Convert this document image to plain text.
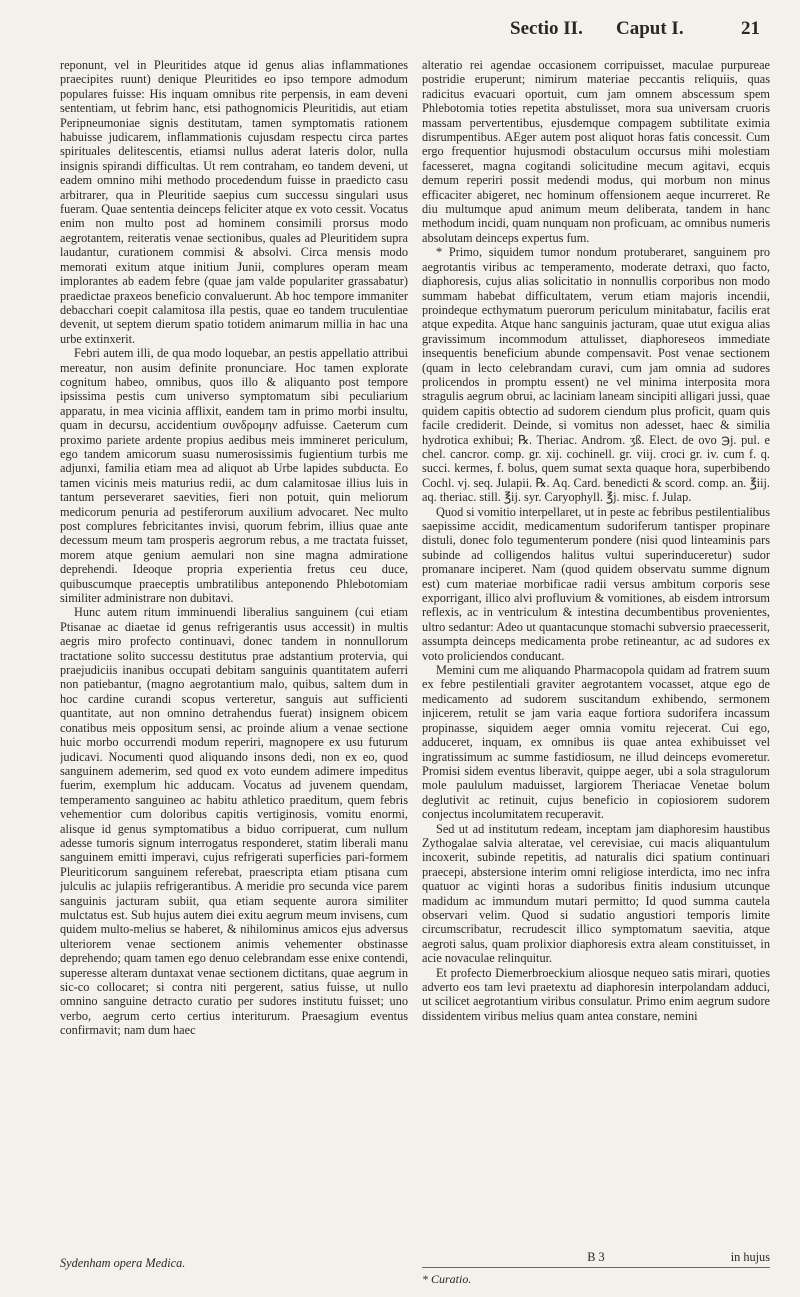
Sectio II. Caput I.	21

reponunt, vel in Pleuritides atque id genus alias inflammationes praecipites ruunt) denique Pleuritides eo ipso tempore admodum populares fuisse: His inquam omnibus rite perpensis, in eam deveni sententiam, ut febrim hanc, etsi pathognomicis Pleuritidis, aut etiam Peripneumoniae signis destitutam, tamen symptomatis rationem habuisse judicarem, inflammationis cujusdam respectu circa partes spirituales delitescentis, etiamsi nullus aderat lateris dolor, nulla insignis spirandi difficultas. Ut rem contraham, eo tandem deveni, ut eadem omnino mihi methodo procedendum fuisse in praedicto casu arbitrarer, qua in Pleuritide saepius cum successu singulari usus fueram. Quae sententia deinceps feliciter atque ex voto cessit. Vocatus enim non multo post ad hominem consimili prorsus modo aegrotantem, reiteratis venae sectionibus, quales ad Pleuritidem supra laudantur, curationem commisi & absolvi. Circa mensis modo memorati exitum atque initium Junii, complures operam meam implorantes ab eadem febre (quae jam valde populariter grassabatur) praedictae praxeos beneficio convaluerunt. Ab hoc tempore immaniter debacchari coepit calamitosa illa pestis, quae eo tandem truculentiae devenit, ut septem dierum spatio totidem animarum millia in hac una urbe extinxerit.

Febri autem illi, de qua modo loquebar, an pestis appellatio attribui mereatur, non ausim definite pronunciare. Hoc tamen explorate cognitum habeo, omnibus, quos illo & aliquanto post tempore ipsissima pestis cum universo symptomatum sibi peculiarium apparatu, in mea vicinia afflixit, eandem tam in primo morbi insultu, quam in decursu, accidentium συνδρομην adfuisse. Caeterum cum proximo pariete ardente propius aedibus meis immineret periculum, ego tandem amicorum suasu numerosissimis fugientium turbis me adjunxi, familia etiam mea ad aliquot ab Urbe lapides subducta. Eo tamen vicinis meis maturius redii, ac dum calamitosae illius luis in tantum perseveraret saevities, fieri non potuit, quin meliorum medicorum penuria ad pestiferorum auxilium advocaret. Nec multo post complures febricitantes invisi, quorum febrim, illius quae ante decessum meum tam prosperis aegrorum rebus, a me tractata fuisset, morem atque genium aemulari non sine magna admiratione deprehendi. Ideoque propria experientia fretus ceu duce, quibuscumque praeceptis umbratilibus anteponendo Phlebotomiam similiter administrare non dubitavi.

Hunc autem ritum imminuendi liberalius sanguinem (cui etiam Ptisanae ac diaetae id genus refrigerantis usus accessit) in multis aegris miro profecto continuavi, donec tandem in nonnullorum tractatione solito successu destitutus prae adstantium protervia, qui praejudiciis inanibus occupati debitam sanguinis quantitatem auferri non patiebantur, (magno aegrotantium malo, quibus, saltem dum in hoc cardine curandi scopus verteretur, sanguis aut sufficienti quantitate, aut non omnino detrahendus fuerat) insignem obicem conatibus meis oppositum sensi, ac proinde alium a venae sectione huic morbo occurrendi modum reperiri, magnopere ex usu futurum judicavi. Nocumenti quod aliquando insons dedi, non ex eo, quod sanguinem ademerim, sed quod ex voto eundem adimere impeditus fuerim, exemplum hic adducam. Vocatus ad juvenem quendam, temperamento sanguineo ac habitu athletico praeditum, quem febris vehementior cum doloribus capitis vertiginosis, vomitu enormi, alisque id genus symptomatibus a biduo corripuerat, cum nullum adesse tumoris signum interrogatus responderet, statim liberali manu sanguinem emitti imperavi, cujus refrigerati superficies pari-formem Pleuriticorum sanguinem referebat, praescripta etiam ptisana cum julculis ac julapiis refrigerantibus. A meridie pro secunda vice parem sanguinis jacturam subiit, qua etiam sequente aurora similiter mulctatus est. Sub hujus autem diei exitu aegrum meum invisens, cum quidem multo-melius se haberet, & nihilominus amicos ejus adversus ulteriorem venae sectionem animis vehementer obstinasse deprehendo; quam tamen ego denuo celebrandam esse enixe contendi, superesse alteram duntaxat venae sectionem dictitans, quae aegrum in sic-co collocaret; si contra niti pergerent, satius fuisse, ut nullo omnino sanguine detracto curatio per sudores institutu fuisset; uno verbo, aegrum certo certius interiturum. Praesagium eventus confirmavit; nam dum haec

Sydenham opera Medica.

alteratio rei agendae occasionem corripuisset, maculae purpureae postridie eruperunt; nimirum materiae peccantis reliquiis, quas radicitus evacuari oportuit, cum jam omnem abscessum spem Phlebotomia toties repetita abstulisset, mora sua universam cruoris massam pervertentibus, ejusdemque compagem subtilitate eximia disrumpentibus. AEger autem post aliquot horas fatis concessit. Cum ergo frequentior hujusmodi obstaculum occursus mihi molestiam facesseret, magna cogitandi solicitudine mecum agitavi, ecquis demum reperiri possit medendi modus, qui morbum non minus efficaciter abigeret, nec hominum offensionem aeque incurreret. Re diu multumque apud animum meum deliberata, tandem in hanc methodum incidi, quam nunquam non proficuam, ac omnibus numeris absolutam deinceps expertus fum.

* Primo, siquidem tumor nondum protuberaret, sanguinem pro aegrotantis viribus ac temperamento, moderate detraxi, quo facto, diaphoresis, cujus alias solicitatio in nonnullis corporibus non modo summam habebat difficultatem, verum etiam majoris incendii, proindeque ecthymatum puerorum periculum minitabatur, facilis erat atque expedita. Atque hanc sanguinis jacturam, quae utut exigua alias gravissimum incommodum attulisset, diaphoreseos immediate insequentis beneficium abunde compensavit. Post venae sectionem (quam in lecto celebrandam curavi, cum jam omnia ad sudores prolicendos in promptu essent) ne vel minima interposita mora stragulis aegrum obrui, ac laciniam laneam sincipiti alligari jussi, quae quidem capitis obtectio ad sudorem ciendum plus proficit, quam quis facile crediderit. Deinde, si vomitus non adesset, haec & similia hydrotica exhibui; ℞. Theriac. Androm. ʒß. Elect. de ovo ℈j. pul. e chel. cancror. comp. gr. xij. cochinell. gr. viij. croci gr. iv. cum f. q. succi. kermes, f. bolus, quem sumat sexta quaque hora, superbibendo Cochl. vj. seq. Julapii. ℞. Aq. Card. benedicti & scord. comp. an. ℥iij. aq. theriac. still. ℥ij. syr. Caryophyll. ℥j. misc. f. Julap.

Quod si vomitio interpellaret, ut in peste ac febribus pestilentialibus saepissime accidit, medicamentum sudoriferum tantisper propinare distuli, donec folo tegumenterum pondere (nisi quod linteaminis pars subinde ad colligendos halitus vultui superinduceretur) sudor promanare inciperet. Nam (quod quidem observatu summe dignum est) cum materiae morbificae radii versus ambitum corporis sese exporrigant, illico alvi profluvium & vomitiones, ab eisdem introrsum reflexis, ac in ventriculum & intestina decumbentibus provenientes, ultro sedantur: Adeo ut quantacunque stomachi subversio praecesserit, assumpta deinceps medicamenta probe retineantur, ac ad sudores ex voto proliciendos conducant.

Memini cum me aliquando Pharmacopola quidam ad fratrem suum ex febre pestilentiali graviter aegrotantem vocasset, atque ego de medicamento ad sudorem suscitandum exhibendo, sermonem injicerem, retulit se jam varia eaque fortiora sudorifera incassum propinasse, siquidem aeger omnia vomitu rejecerat. Cui ego, adduceret, inquam, ex omnibus iis quae antea exhibuisset vel ingratissimum ac summe fastidiosum, ne illud deinceps evomeretur. Promisi sidem eventus liberavit, quippe aeger, ubi a sola stragulorum mole paululum maduisset, largiorem Theriacae Venetae bolum deglutivit ac retinuit, cujus beneficio in copiosiorem sudorem conjectus incolumitatem recuperavit.

Sed ut ad institutum redeam, inceptam jam diaphoresim haustibus Zythogalae salvia alteratae, vel cerevisiae, cui macis aliquantulum incoxerit, subinde repetitis, ad naturalis dici spatium continuari praecepi, abstersione interim omni religiose interdicta, imo nec infra quatuor ac viginti horas a sudoribus finitis indusium utcunque madidum ac immundum mutari permitto; Id quod summa cautela observari velim. Quod si sudatio angustiori temporis limite circumscribatur, recrudescit illico symptomatum saevitia, atque aegroti salus, quam prolixior diaphoresis extra aleam constituisset, in acie novaculae relinquitur.

Et profecto Diemerbroeckium aliosque nequeo satis mirari, quoties adverto eos tam levi praetextu ad diaphoresin interpolandam adduci, ut scilicet aegrotantium viribus consulatur. Primo enim aegrum sudore dissidentem viribus melius quam antea constare, nemini

B 3	in hujus
* Curatio.
